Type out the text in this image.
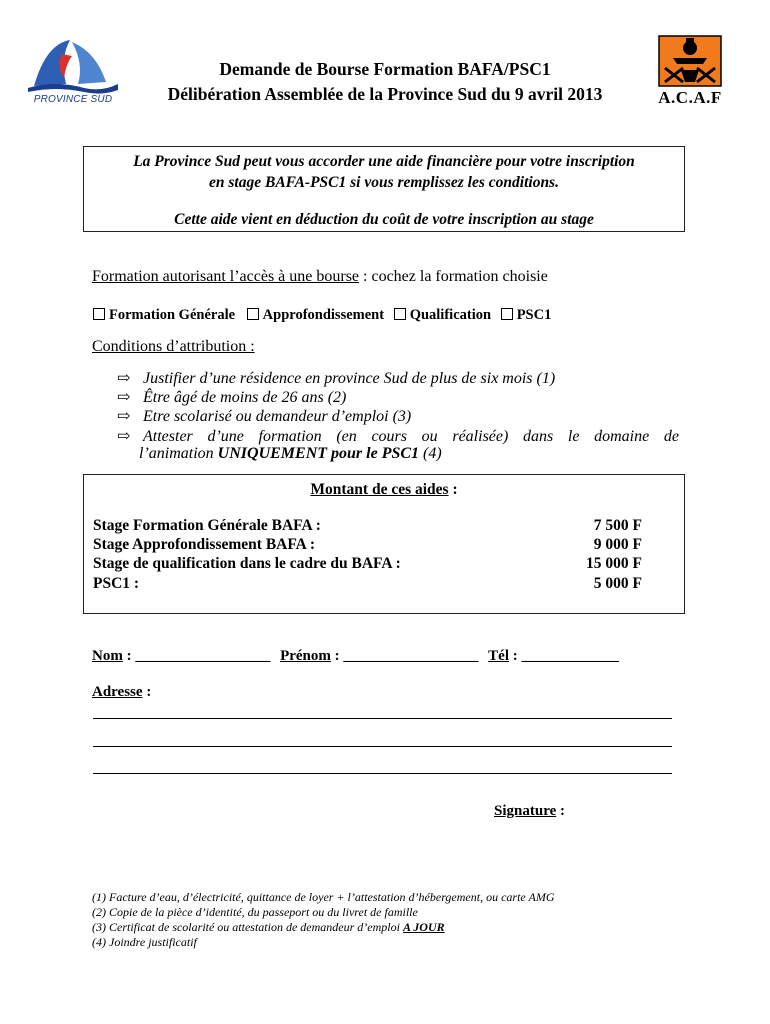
PROVINCE SUD	A.C.A.F
Demande de Bourse Formation BAFA/PSC1
Délibération Assemblée de la Province Sud du 9 avril 2013
La Province Sud peut vous accorder une aide financière pour votre inscription
en stage BAFA-PSC1 si vous remplissez les conditions.
Cette aide vient en déduction du coût de votre inscription au stage
Formation autorisant l’accès à une bourse : cochez la formation choisie
Formation Générale Approfondissement Qualification PSC1
Conditions d’attribution :
⇨ Justifier d’une résidence en province Sud de plus de six mois (1)
⇨ Être âgé de moins de 26 ans (2)
⇨ Etre scolarisé ou demandeur d’emploi (3)
⇨ Attester d’une formation (en cours ou réalisée) dans le domaine de
l’animation UNIQUEMENT pour le PSC1 (4)
Montant de ces aides :
Stage Formation Générale BAFA :	7 500 F
Stage Approfondissement BAFA :	9 000 F
Stage de qualification dans le cadre du BAFA :	15 000 F
PSC1 :	5 000 F
Nom : __________________ Prénom : __________________ Tél : _____________
Adresse :
Signature :
(1) Facture d’eau, d’électricité, quittance de loyer + l’attestation d’hébergement, ou carte AMG
(2) Copie de la pièce d’identité, du passeport ou du livret de famille
(3) Certificat de scolarité ou attestation de demandeur d’emploi A JOUR
(4) Joindre justificatif
